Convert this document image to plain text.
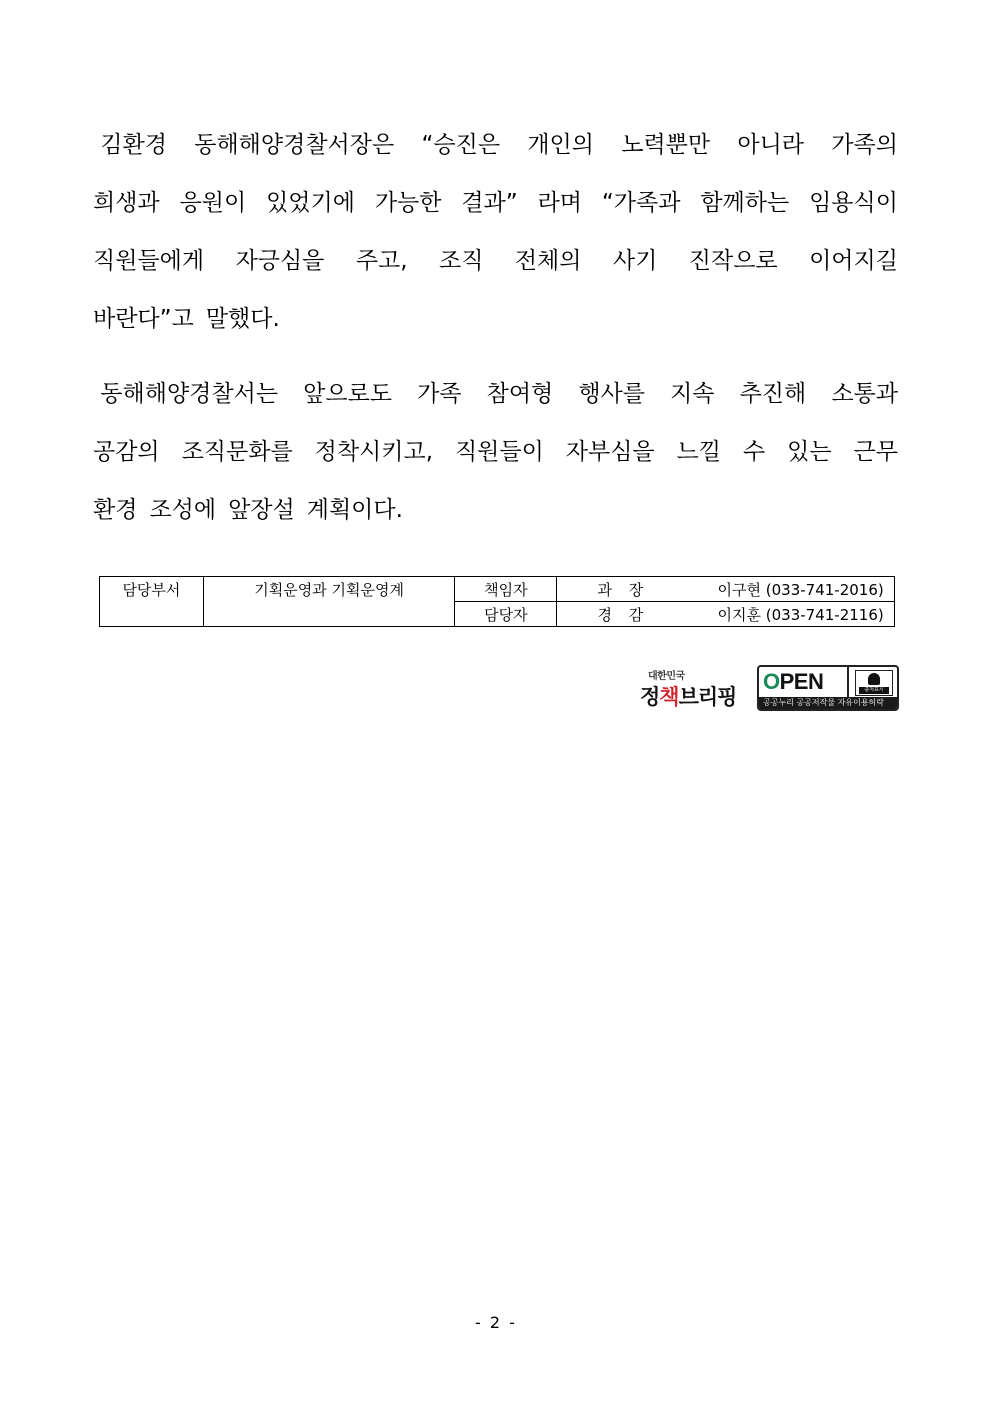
김환경 동해해양경찰서장은 “승진은 개인의 노력뿐만 아니라 가족의
희생과 응원이 있었기에 가능한 결과” 라며 “가족과 함께하는 임용식이
직원들에게 자긍심을 주고, 조직 전체의 사기 진작으로 이어지길
바란다”고 말했다.
동해해양경찰서는 앞으로도 가족 참여형 행사를 지속 추진해 소통과
공감의 조직문화를 정착시키고, 직원들이 자부심을 느낄 수 있는 근무
환경 조성에 앞장설 계획이다.
담당부서	기획운영과 기획운영계	책임자	과 장 이구현 (033-741-2016)
		담당자	경 감 이지훈 (033-741-2116)
대한민국
정책브리핑
OPEN	출처표시
공공누리 공공저작물 자유이용허락
- 2 -
